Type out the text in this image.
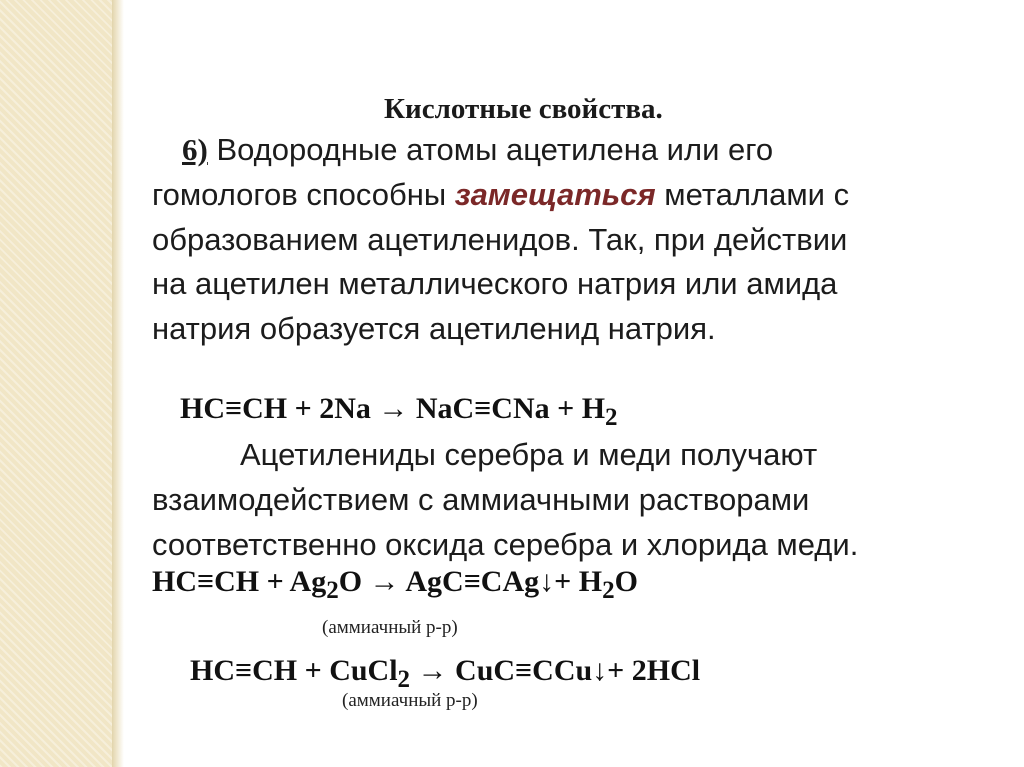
Кислотные свойства.
6) Водородные атомы ацетилена или его
гомологов способны замещаться металлами с
образованием ацетиленидов. Так, при действии
на ацетилен металлического натрия или амида
натрия образуется ацетиленид натрия.
$HC\equiv CH + 2Na \to NaC\equiv CNa + H_2$
Ацетилениды серебра и меди получают
взаимодействием с аммиачными растворами
соответственно оксида серебра и хлорида меди.
$HC\equiv CH + Ag_2O$ → AgC≡CAg↓+ $H_2O$
(аммиачный р-р)
HC≡CH + CuCl$_2$ → CuC≡CCu↓+ 2HCl
(аммиачный р-р)
